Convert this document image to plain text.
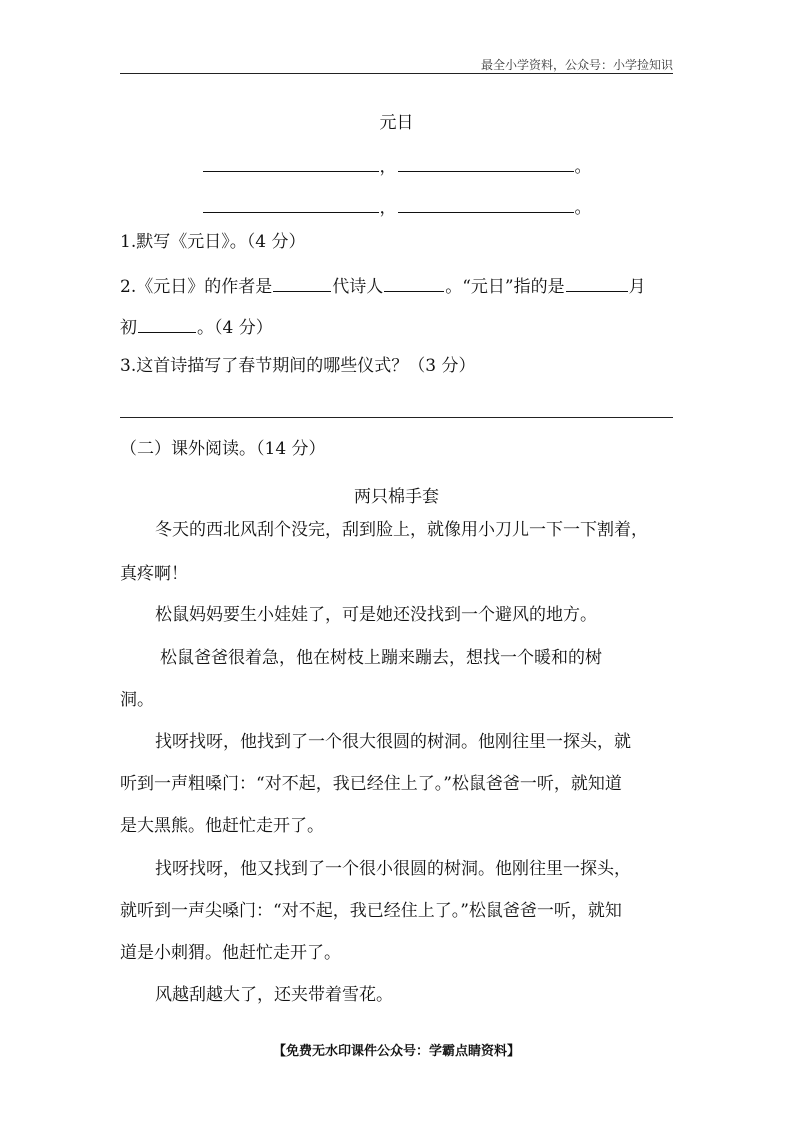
最全小学资料，公众号：小学捡知识
元日
，	。
，	。
1.默写《元日》。（4 分）
2.《元日》的作者是	代诗人	。“元日”指的是	月
初	。（4 分）
3.这首诗描写了春节期间的哪些仪式？（3 分）
（二）课外阅读。（14 分）
两只棉手套
冬天的西北风刮个没完，刮到脸上，就像用小刀儿一下一下割着，
真疼啊！
松鼠妈妈要生小娃娃了，可是她还没找到一个避风的地方。
松鼠爸爸很着急，他在树枝上蹦来蹦去，想找一个暖和的树
洞。
找呀找呀，他找到了一个很大很圆的树洞。他刚往里一探头，就
听到一声粗嗓门：“对不起，我已经住上了。”松鼠爸爸一听，就知道
是大黑熊。他赶忙走开了。
找呀找呀，他又找到了一个很小很圆的树洞。他刚往里一探头，
就听到一声尖嗓门：“对不起，我已经住上了。”松鼠爸爸一听，就知
道是小刺猬。他赶忙走开了。
风越刮越大了，还夹带着雪花。
【免费无水印课件公众号：学霸点睛资料】
